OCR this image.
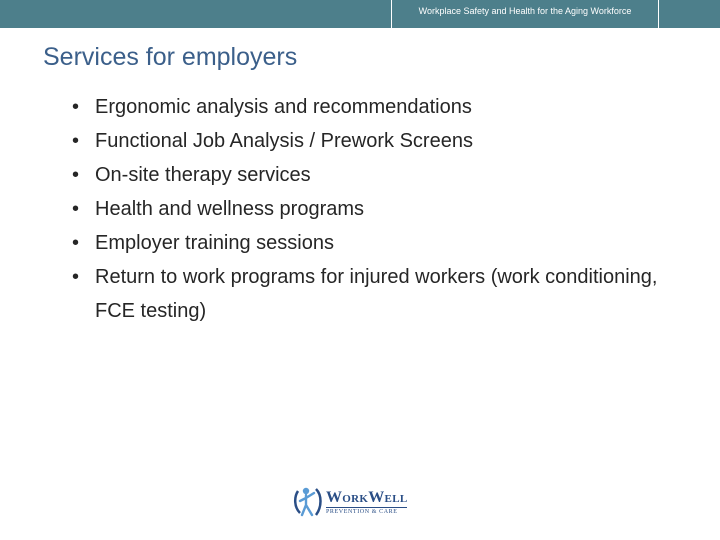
Workplace Safety and Health for the Aging Workforce
Services for employers
• Ergonomic analysis and recommendations
• Functional Job Analysis / Prework Screens
• On-site therapy services
• Health and wellness programs
• Employer training sessions
• Return to work programs for injured workers (work conditioning, FCE testing)
WorkWell
PREVENTION & CARE
